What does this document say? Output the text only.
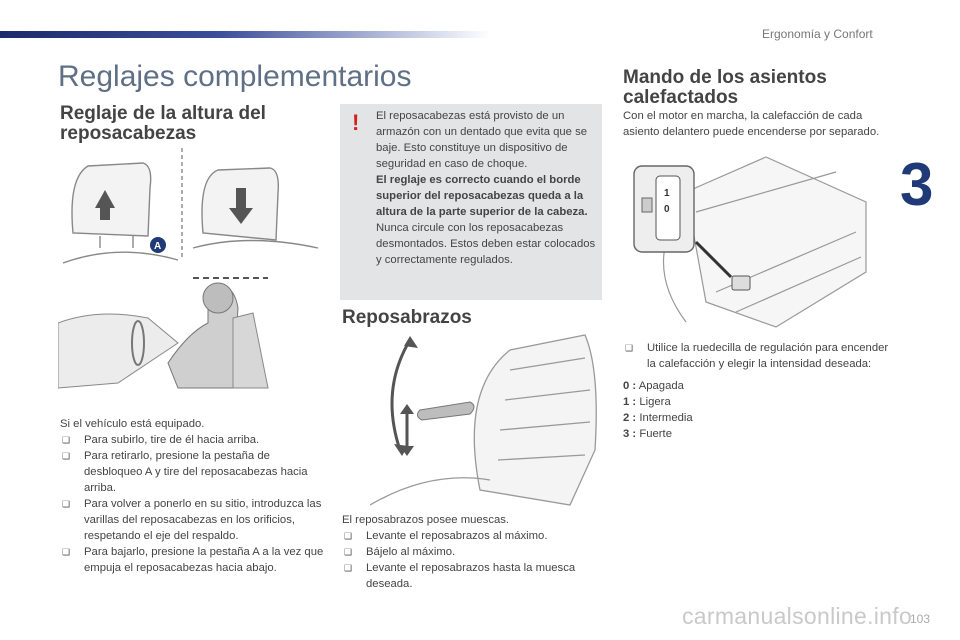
Ergonomía y Confort
3
Reglajes complementarios
Reglaje de la altura del reposacabezas
A
Si el vehículo está equipado.
❑ Para subirlo, tire de él hacia arriba.
❑ Para retirarlo, presione la pestaña de desbloqueo A y tire del reposacabezas hacia arriba.
❑ Para volver a ponerlo en su sitio, introduzca las varillas del reposacabezas en los orificios, respetando el eje del respaldo.
❑ Para bajarlo, presione la pestaña A a la vez que empuja el reposacabezas hacia abajo.
! El reposacabezas está provisto de un armazón con un dentado que evita que se baje. Esto constituye un dispositivo de seguridad en caso de choque.
El reglaje es correcto cuando el borde superior del reposacabezas queda a la altura de la parte superior de la cabeza.
Nunca circule con los reposacabezas desmontados. Estos deben estar colocados y correctamente regulados.
Reposabrazos
El reposabrazos posee muescas.
❑ Levante el reposabrazos al máximo.
❑ Bájelo al máximo.
❑ Levante el reposabrazos hasta la muesca deseada.
Mando de los asientos calefactados
Con el motor en marcha, la calefacción de cada asiento delantero puede encenderse por separado.
1
0
❑ Utilice la ruedecilla de regulación para encender la calefacción y elegir la intensidad deseada:
0 : Apagada
1 : Ligera
2 : Intermedia
3 : Fuerte
carmanualsonline.info
103
